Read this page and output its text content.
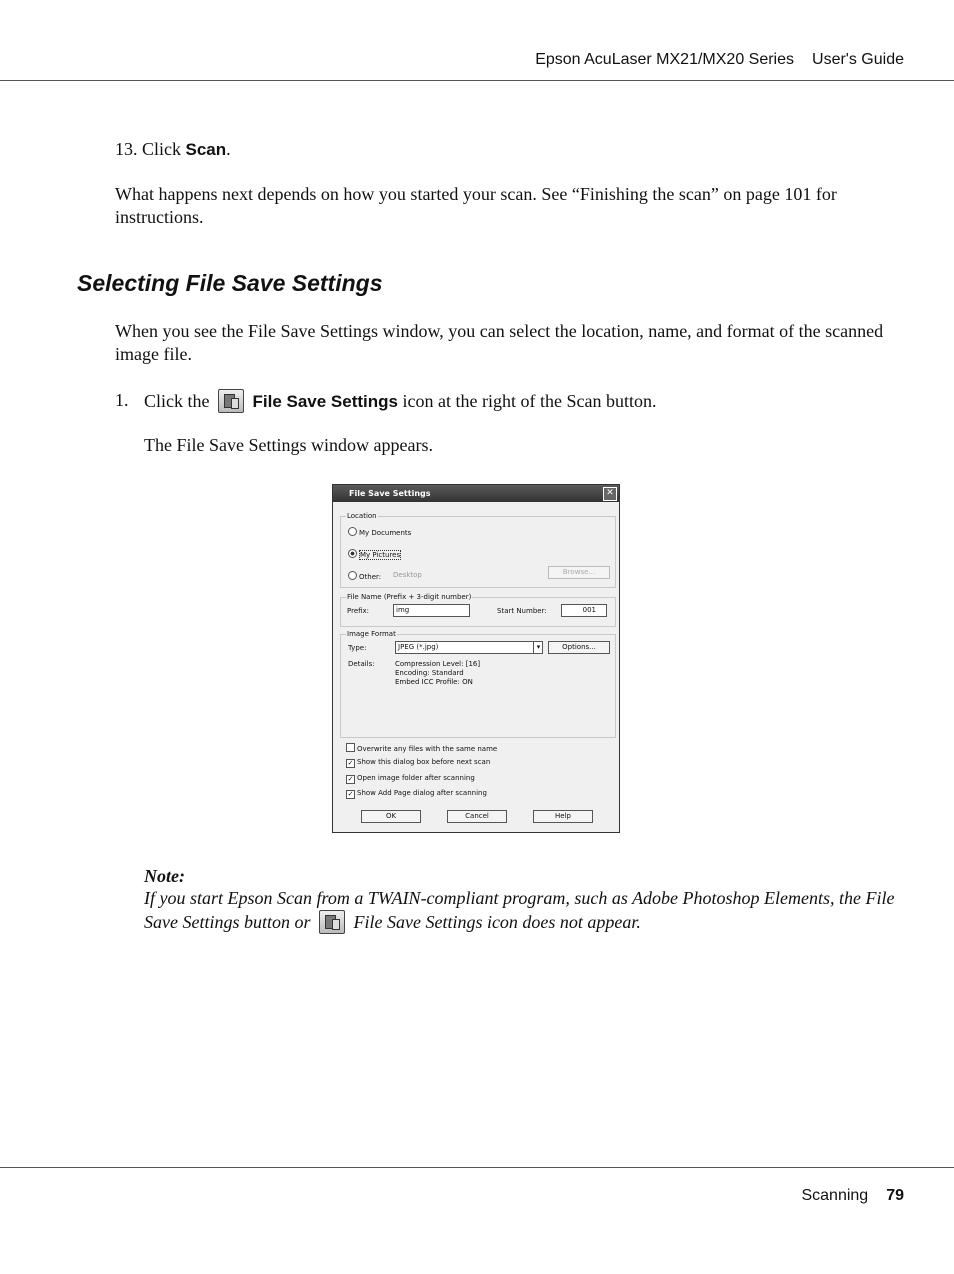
Epson AcuLaser MX21/MX20 Series User's Guide
13. Click Scan.
What happens next depends on how you started your scan. See “Finishing the scan” on page 101 for instructions.
Selecting File Save Settings
When you see the File Save Settings window, you can select the location, name, and format of the scanned image file.
1. Click the	File Save Settings icon at the right of the Scan button.
The File Save Settings window appears.
File Save Settings	✕
Location
My Documents
My Pictures
Other: Desktop	Browse...
File Name (Prefix + 3-digit number)
Prefix:	img	Start Number:	001
Image Format
Type:	JPEG (*.jpg)	▾	Options...
Details:	Compression Level: [16]
Encoding: Standard
Embed ICC Profile: ON
Overwrite any files with the same name
✓ Show this dialog box before next scan
✓ Open image folder after scanning
✓ Show Add Page dialog after scanning
OK	Cancel	Help
Note:
If you start Epson Scan from a TWAIN-compliant program, such as Adobe Photoshop Elements, the File Save Settings button or File Save Settings icon does not appear.
Scanning 79
